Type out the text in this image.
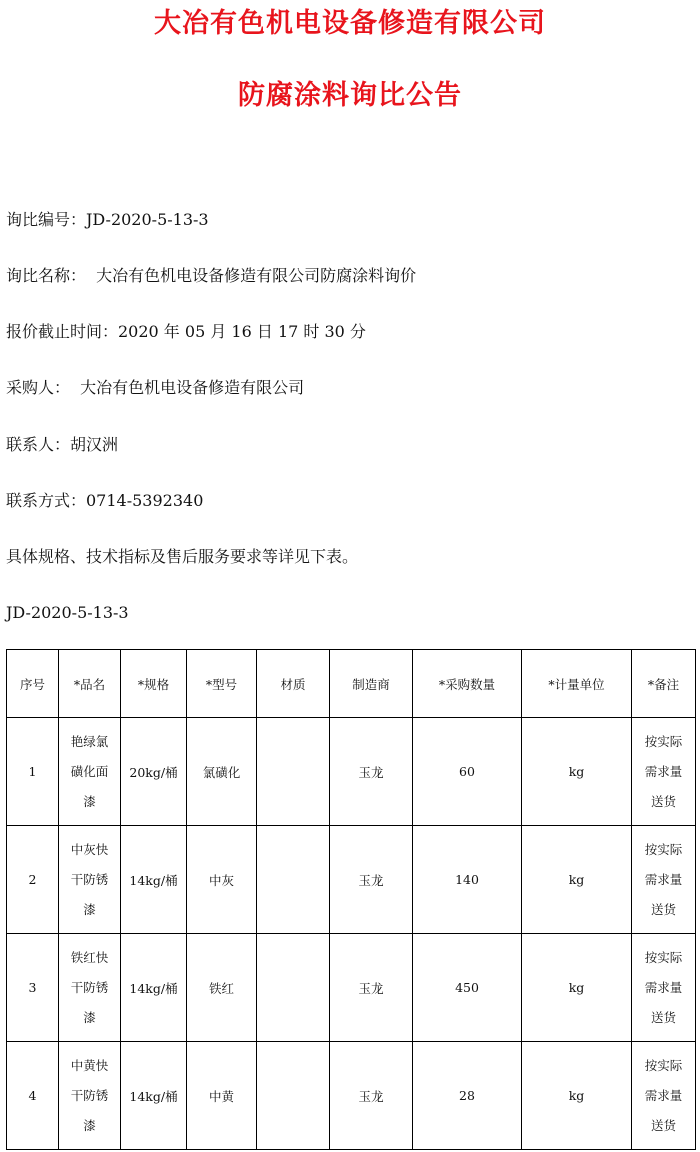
大冶有色机电设备修造有限公司
防腐涂料询比公告
询比编号：JD-2020-5-13-3
询比名称：  大冶有色机电设备修造有限公司防腐涂料询价
报价截止时间：2020 年 05 月 16 日 17 时 30 分
采购人：  大冶有色机电设备修造有限公司
联系人：胡汉洲
联系方式：0714-5392340
具体规格、技术指标及售后服务要求等详见下表。
JD-2020-5-13-3
序号	*品名	*规格	*型号	材质	制造商	*采购数量	*计量单位	*备注
1	艳绿氯磺化面漆	20kg/桶	氯磺化		玉龙	60	kg	按实际需求量送货

2	中灰快干防锈漆	14kg/桶	中灰		玉龙	140	kg	按实际需求量送货

3	铁红快干防锈漆	14kg/桶	铁红		玉龙	450	kg	按实际需求量送货

4	中黄快干防锈漆	14kg/桶	中黄		玉龙	28	kg	按实际需求量送货
